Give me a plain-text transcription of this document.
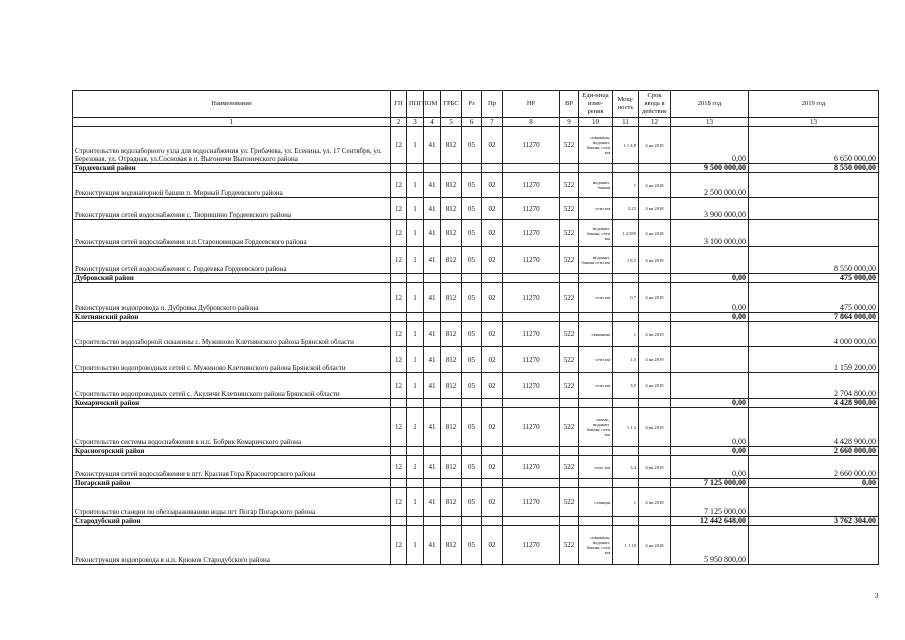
Наименование	ГП	ППГП	ОМ	ГРБС	Рз	Пр	НР	ВР	Еди-ница изме-рения	Мощ-ность	Срок ввода в действие	2018 год	2019 год
1	2	3	4	5	6	7	8	9	10	11	12	13	13
Строительство водозаборного узла для водоснабжения ул. Грибачева, ул. Есенина, ул. 17 Сентября, ул. Березовая, ул. Отрадная, ул.Сосновая в п. Выгоничи Выгоничского района	12	1	41	812	05	02	11270	522	скважина, водонап. башня, сети км	1 1 4,9	4 кв 2019	0,00	6 650 000,00
Гордеевский район												9 500 000,00	8 550 000,00
Реконструкция водонапорной башни п. Мирный Гордеевского района	12	1	41	812	05	02	11270	522	водонап. башня	1	4 кв 2018	2 500 000,00	
Реконструкция сетей водоснабжения с. Творишино Гордеевского района	12	1	41	812	05	02	11270	522	сети км	5,25	4 кв 2018	3 900 000,00	
Реконструкция сетей водоснабжения н.п.Староновицкая Гордеевского района	12	1	41	812	05	02	11270	522	водонап. башня, сети км	1 4,385	4 кв 2018	3 100 000,00	
Реконструкция сетей водоснабжения с. Гордеевка Гордеевского района	12	1	41	812	05	02	11270	522	водонап. башня сети км	1 8,5	4 кв 2019		8 550 000,00
Дубровский район												0,00	475 000,00
Реконструкция водопровода п. Дубровка Дубровского района	12	1	41	812	05	02	11270	522	сети км	0,7	4 кв 2019	0,00	475 000,00
Клетнянский район												0,00	7 864 000,00
Строительство водозаборной скважины с. Мужиново Клетнянского района Брянской области	12	1	41	812	05	02	11270	522	скважина	1	4 кв 2019		4 000 000,00
Строительство водопроводных сетей с. Мужиново Клетнянского района Брянской области	12	1	41	812	05	02	11270	522	сети км	1,5	4 кв 2019		1 159 200,00
Строительство водопроводных сетей с. Акуличи Клетнянского района Брянской области	12	1	41	812	05	02	11270	522	сети км	3,5	4 кв 2019		2 704 800,00
Комаричский район												0,00	4 428 900,00
Строительство системы водоснабжения в н.п. Бобрик Комаричского района	12	1	41	812	05	02	11270	522	скваж., водонап. башня, сети км	1 1 2	4 кв 2019	0,00	4 428 900,00
Красногорский район												0,00	2 660 000,00
Реконструкция сетей водоснабжения в пгт. Красная Гора Красногорского района	12	1	41	812	05	02	11270	522	сети. км	3,4	4 кв 2019	0,00	2 660 000,00
Погарский район												7 125 000,00	0,00
Строительство станции по обеззараживанию воды пгт Погар Погарского района	12	1	41	812	05	02	11270	522	станция	1	4 кв 2018	7 125 000,00	
Стародубский район												12 442 648,00	3 762 304,00
Реконструкция водопровода в н.п. Крюков Стародубского района	12	1	41	812	05	02	11270	522	скважина, водонап. башня, сети км	1 1 10	4 кв 2018	5 950 800,00	
3
